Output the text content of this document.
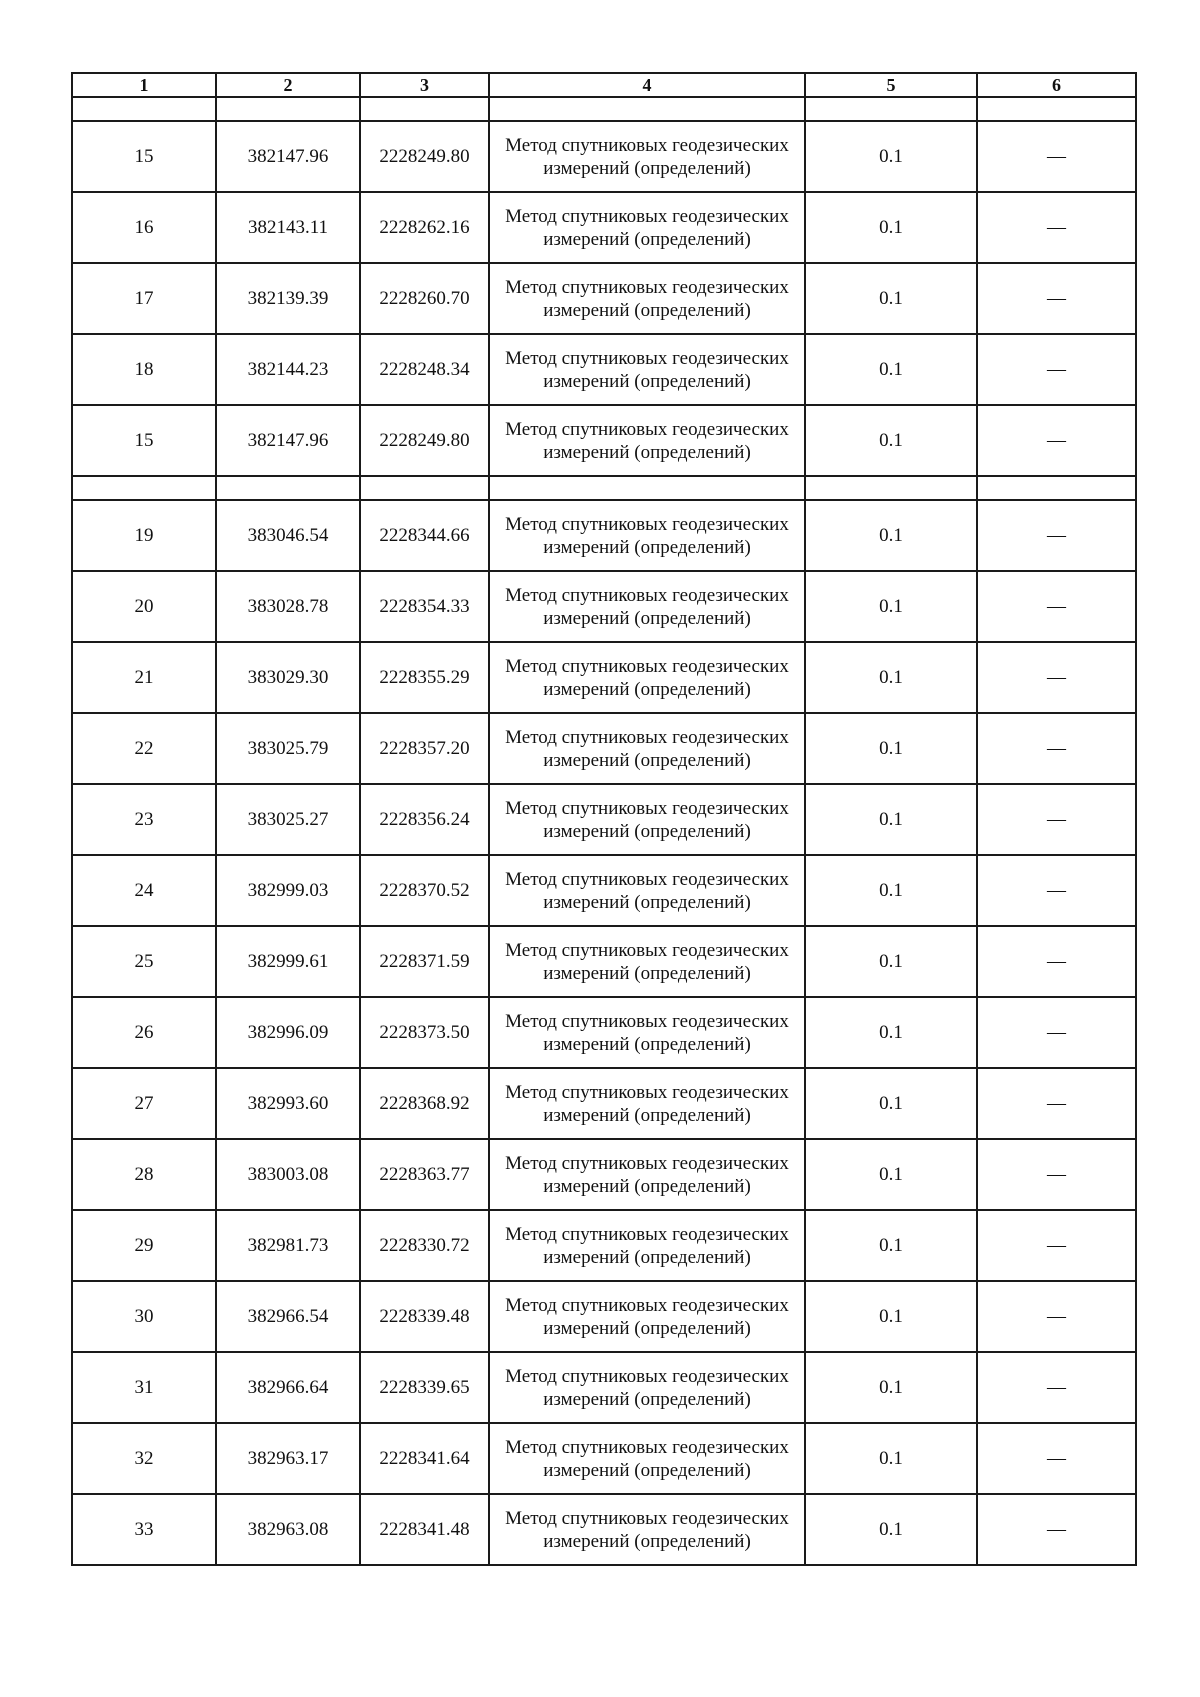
1	2	3	4	5	6

15	382147.96	2228249.80	Метод спутниковых геодезических измерений (определений)	0.1	—
16	382143.11	2228262.16	Метод спутниковых геодезических измерений (определений)	0.1	—
17	382139.39	2228260.70	Метод спутниковых геодезических измерений (определений)	0.1	—
18	382144.23	2228248.34	Метод спутниковых геодезических измерений (определений)	0.1	—
15	382147.96	2228249.80	Метод спутниковых геодезических измерений (определений)	0.1	—

19	383046.54	2228344.66	Метод спутниковых геодезических измерений (определений)	0.1	—
20	383028.78	2228354.33	Метод спутниковых геодезических измерений (определений)	0.1	—
21	383029.30	2228355.29	Метод спутниковых геодезических измерений (определений)	0.1	—
22	383025.79	2228357.20	Метод спутниковых геодезических измерений (определений)	0.1	—
23	383025.27	2228356.24	Метод спутниковых геодезических измерений (определений)	0.1	—
24	382999.03	2228370.52	Метод спутниковых геодезических измерений (определений)	0.1	—
25	382999.61	2228371.59	Метод спутниковых геодезических измерений (определений)	0.1	—
26	382996.09	2228373.50	Метод спутниковых геодезических измерений (определений)	0.1	—
27	382993.60	2228368.92	Метод спутниковых геодезических измерений (определений)	0.1	—
28	383003.08	2228363.77	Метод спутниковых геодезических измерений (определений)	0.1	—
29	382981.73	2228330.72	Метод спутниковых геодезических измерений (определений)	0.1	—
30	382966.54	2228339.48	Метод спутниковых геодезических измерений (определений)	0.1	—
31	382966.64	2228339.65	Метод спутниковых геодезических измерений (определений)	0.1	—
32	382963.17	2228341.64	Метод спутниковых геодезических измерений (определений)	0.1	—
33	382963.08	2228341.48	Метод спутниковых геодезических измерений (определений)	0.1	—
